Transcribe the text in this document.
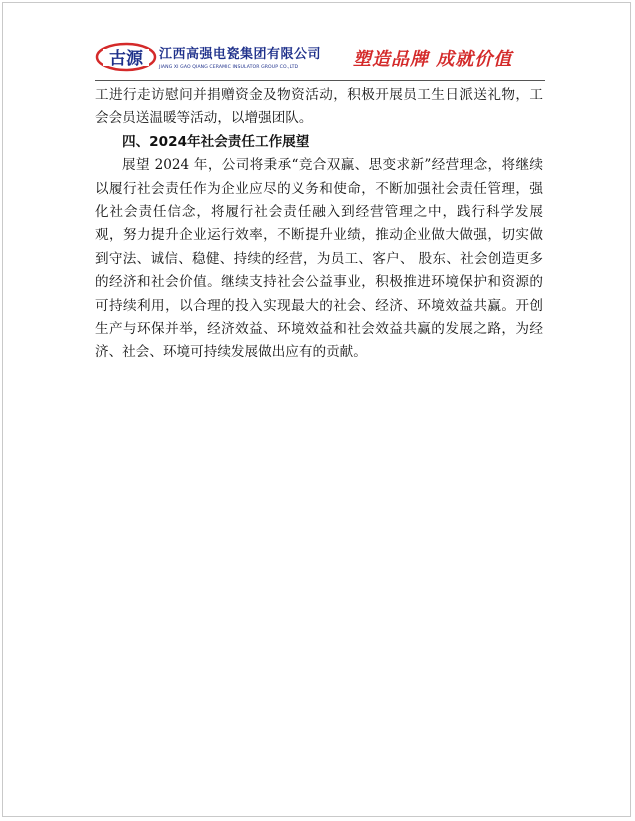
古源 江西高强电瓷集团有限公司
JIANG XI GAO QIANG CERAMIC INSULATOR GROUP CO.,LTD	塑造品牌 成就价值

工进行走访慰问并捐赠资金及物资活动，积极开展员工生日派送礼物，工会会员送温暖等活动，以增强团队。

四、2024年社会责任工作展望

展望 2024 年，公司将秉承“竞合双赢、思变求新”经营理念，将继续以履行社会责任作为企业应尽的义务和使命，不断加强社会责任管理，强化社会责任信念，将履行社会责任融入到经营管理之中，践行科学发展观，努力提升企业运行效率，不断提升业绩，推动企业做大做强，切实做到守法、诚信、稳健、持续的经营，为员工、客户、 股东、社会创造更多的经济和社会价值。继续支持社会公益事业，积极推进环境保护和资源的可持续利用，以合理的投入实现最大的社会、经济、环境效益共赢。开创生产与环保并举，经济效益、环境效益和社会效益共赢的发展之路，为经济、社会、环境可持续发展做出应有的贡献。
